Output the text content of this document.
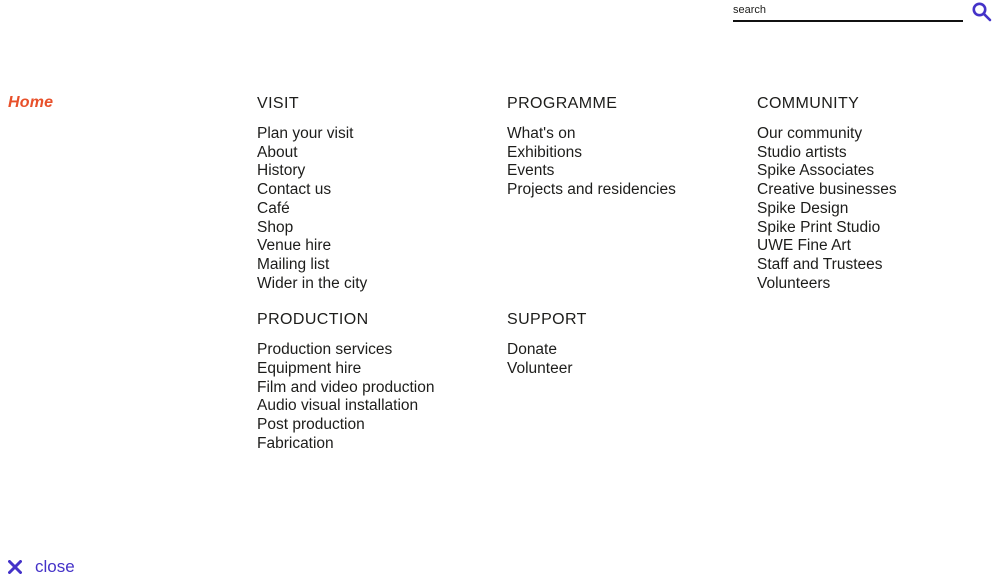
search
Home	VISIT
Plan your visit
About
History
Contact us
Café
Shop
Venue hire
Mailing list
Wider in the city
PROGRAMME
What's on
Exhibitions
Events
Projects and residencies
COMMUNITY
Our community
Studio artists
Spike Associates
Creative businesses
Spike Design
Spike Print Studio
UWE Fine Art
Staff and Trustees
Volunteers
PRODUCTION
Production services
Equipment hire
Film and video production
Audio visual installation
Post production
Fabrication
SUPPORT
Donate
Volunteer
close
